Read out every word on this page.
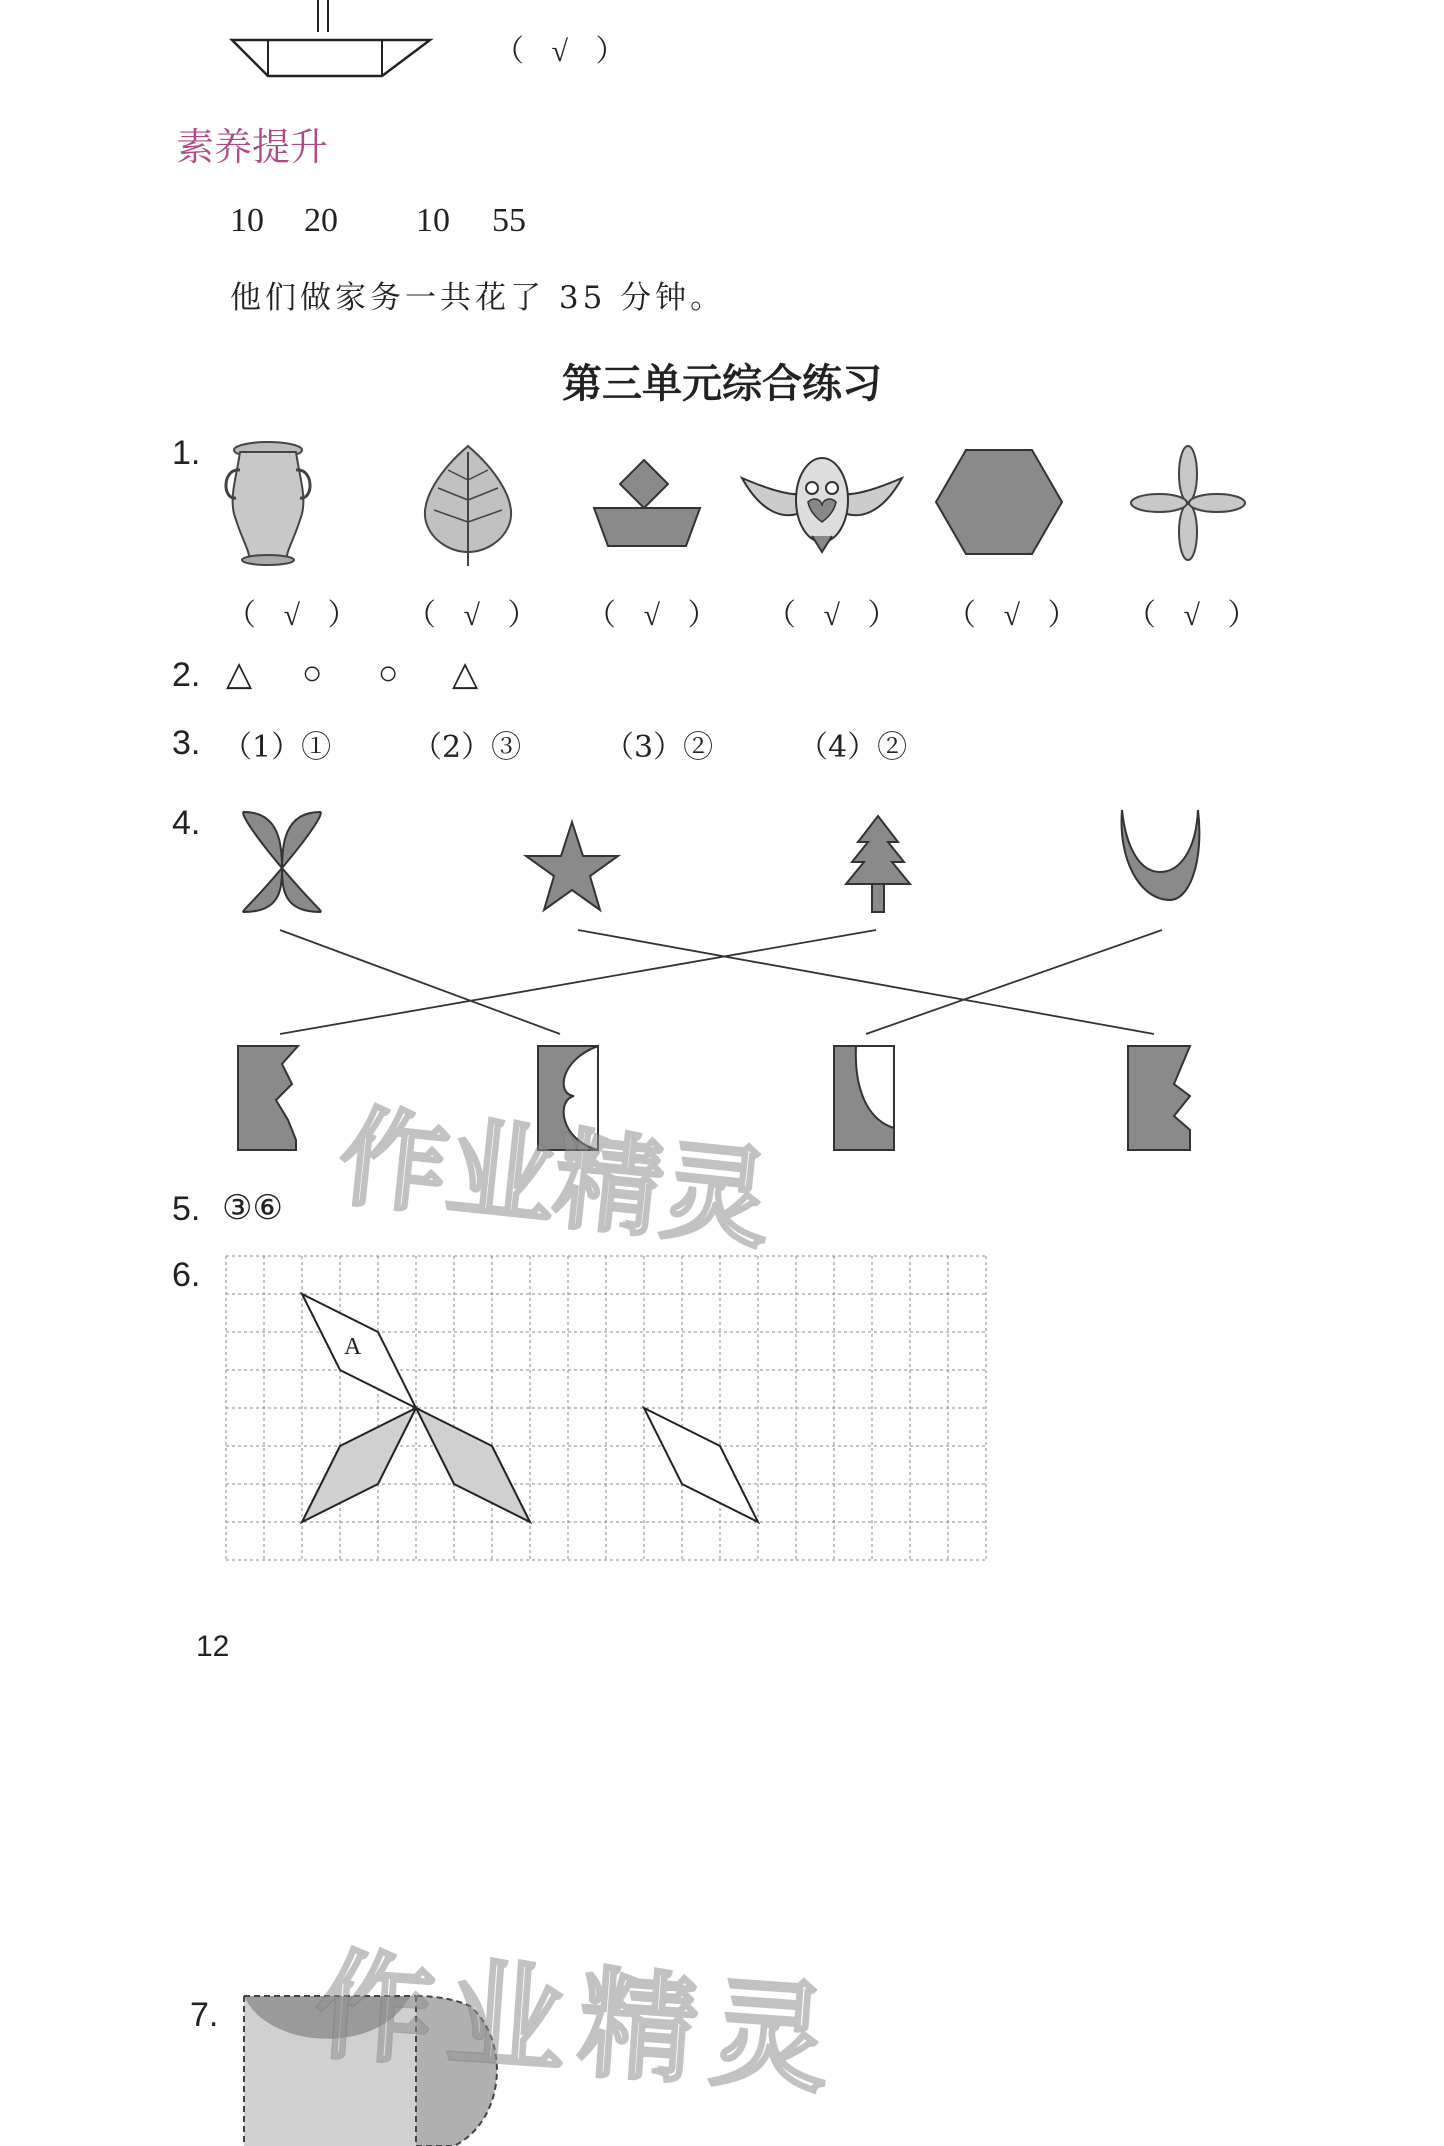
（ √ ）
素养提升
10 20 10 55
他们做家务一共花了 35 分钟。
第三单元综合练习
1.
（ √ ） （ √ ） （ √ ） （ √ ） （ √ ） （ √ ）
2. △ ○ ○ △
3. （1）①	（2）③	（3）②	（4）②
4.
作业精灵
5. ③⑥
6.
A
12
7. 作业精灵
